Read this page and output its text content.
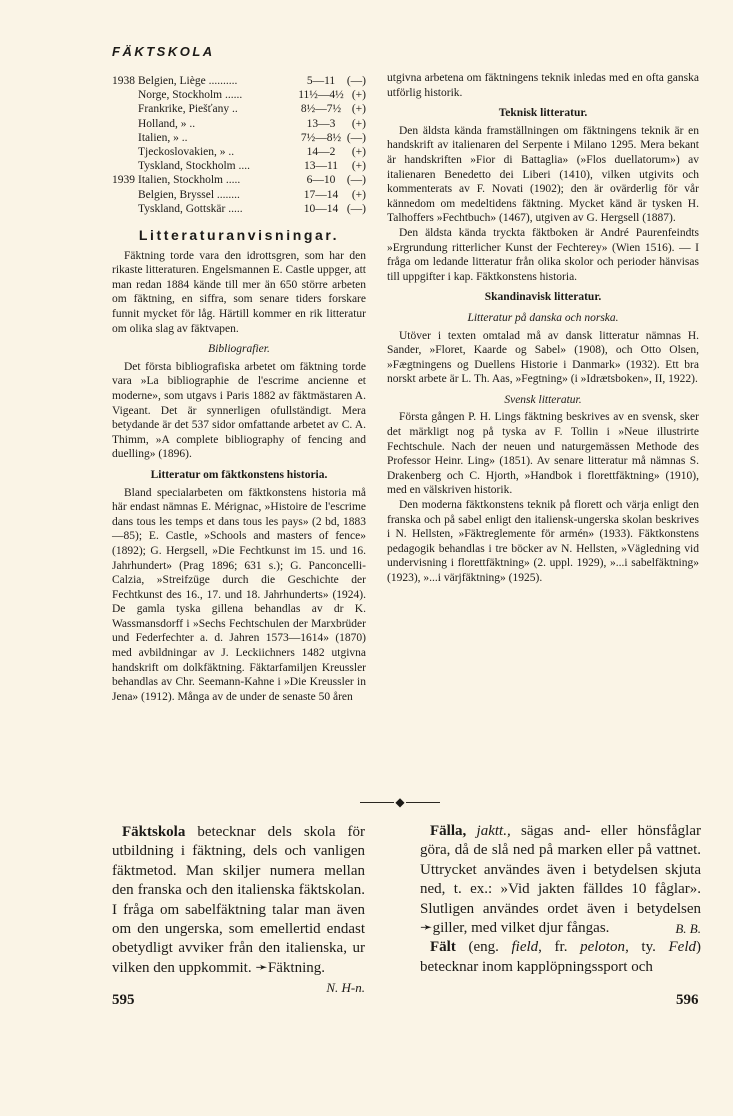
FÄKTSKOLA
1938	Belgien, Liège ..........	5—11	(—)
	Norge, Stockholm ......	11½—4½	(+)
	Frankrike, Piešťany ..	8½—7½	(+)
	Holland, » ..	13—3	(+)
	Italien, » ..	7½—8½	(—)
	Tjeckoslovakien, » ..	14—2	(+)
	Tyskland, Stockholm ....	13—11	(+)
1939	Italien, Stockholm .....	6—10	(—)
	Belgien, Bryssel ........	17—14	(+)
	Tyskland, Gottskär .....	10—14	(—)
Litteraturanvisningar.

Fäktning torde vara den idrottsgren, som har den rikaste litteraturen. Engelsmannen E. Castle uppger, att man redan 1884 kände till mer än 650 större arbeten om fäktning, en siffra, som senare tiders forskare funnit mycket för låg. Härtill kommer en rik litteratur om olika slag av fäktvapen.

Bibliografier.

Det första bibliografiska arbetet om fäktning torde vara »La bibliographie de l'escrime ancienne et moderne», som utgavs i Paris 1882 av fäktmästaren A. Vigeant. Det är synnerligen ofullständigt. Mera betydande är det 537 sidor omfattande arbetet av C. A. Thimm, »A complete bibliography of fencing and duelling» (1896).

Litteratur om fäktkonstens historia.

Bland specialarbeten om fäktkonstens historia må här endast nämnas E. Mérignac, »Histoire de l'escrime dans tous les temps et dans tous les pays» (2 bd, 1883—85); E. Castle, »Schools and masters of fence» (1892); G. Hergsell, »Die Fechtkunst im 15. und 16. Jahrhundert» (Prag 1896; 631 s.); G. Panconcelli-Calzia, »Streifzüge durch die Geschichte der Fechtkunst des 16., 17. und 18. Jahrhunderts» (1924). De gamla tyska gillena behandlas av dr K. Wassmansdorff i »Sechs Fechtschulen der Marxbrüder und Federfechter a. d. Jahren 1573—1614» (1870) med avbildningar av J. Leckiichners 1482 utgivna handskrift om dolkfäktning. Fäktarfamiljen Kreussler behandlas av Chr. Seemann-Kahne i »Die Kreussler in Jena» (1912). Många av de under de senaste 50 åren

utgivna arbetena om fäktningens teknik inledas med en ofta ganska utförlig historik.

Teknisk litteratur.

Den äldsta kända framställningen om fäktningens teknik är en handskrift av italienaren del Serpente i Milano 1295. Mera bekant är handskriften »Fior di Battaglia» (»Flos duellatorum») av italienaren Benedetto dei Liberi (1410), vilken utgivits och kommenterats av F. Novati (1902); den är ovärderlig för vår kännedom om medeltidens fäktning. Mycket känd är tysken H. Talhoffers »Fechtbuch» (1467), utgiven av G. Hergsell (1887).

Den äldsta kända tryckta fäktboken är André Paurenfeindts »Ergrundung ritterlicher Kunst der Fechterey» (Wien 1516). — I fråga om ledande litteratur från olika skolor och perioder hänvisas till uppgifter i kap. Fäktkonstens historia.

Skandinavisk litteratur.
Litteratur på danska och norska.

Utöver i texten omtalad må av dansk litteratur nämnas H. Sander, »Floret, Kaarde og Sabel» (1908), och Otto Olsen, »Fægtningens og Duellens Historie i Danmark» (1932). Ett bra norskt arbete är L. Th. Aas, »Fegtning» (i »Idrætsboken», II, 1922).

Svensk litteratur.

Första gången P. H. Lings fäktning beskrives av en svensk, sker det märkligt nog på tyska av F. Tollin i »Neue illustrirte Fechtschule. Nach der neuen und naturgemässen Methode des Professor Heinr. Ling» (1851). Av senare litteratur må nämnas S. Drakenberg och C. Hjorth, »Handbok i florettfäktning» (1910), med en välskriven historik.

Den moderna fäktkonstens teknik på florett och värja enligt den franska och på sabel enligt den italiensk-ungerska skolan beskrives i N. Hellsten, »Fäktreglemente för armén» (1933). Fäktkonstens pedagogik behandlas i tre böcker av N. Hellsten, »Vägledning vid undervisning i florettfäktning» (2. uppl. 1929), »...i sabelfäktning» (1923), »...i värjfäktning» (1925).

◆

Fäktskola betecknar dels skola för utbildning i fäktning, dels och vanligen fäktmetod. Man skiljer numera mellan den franska och den italienska fäktskolan. I fråga om sabelfäktning talar man även om den ungerska, som emellertid endast obetydligt avviker från den italienska, ur vilken den uppkommit. ➛Fäktning.
N. H-n.

Fälla, jaktt., sägas and- eller hönsfåglar göra, då de slå ned på marken eller på vattnet. Uttrycket användes även i betydelsen skjuta ned, t. ex.: »Vid jakten fälldes 10 fåglar». Slutligen användes ordet även i betydelsen ➛giller, med vilket djur fångas.	B. B.

Fält (eng. field, fr. peloton, ty. Feld) betecknar inom kapplöpningssport och

595	596
